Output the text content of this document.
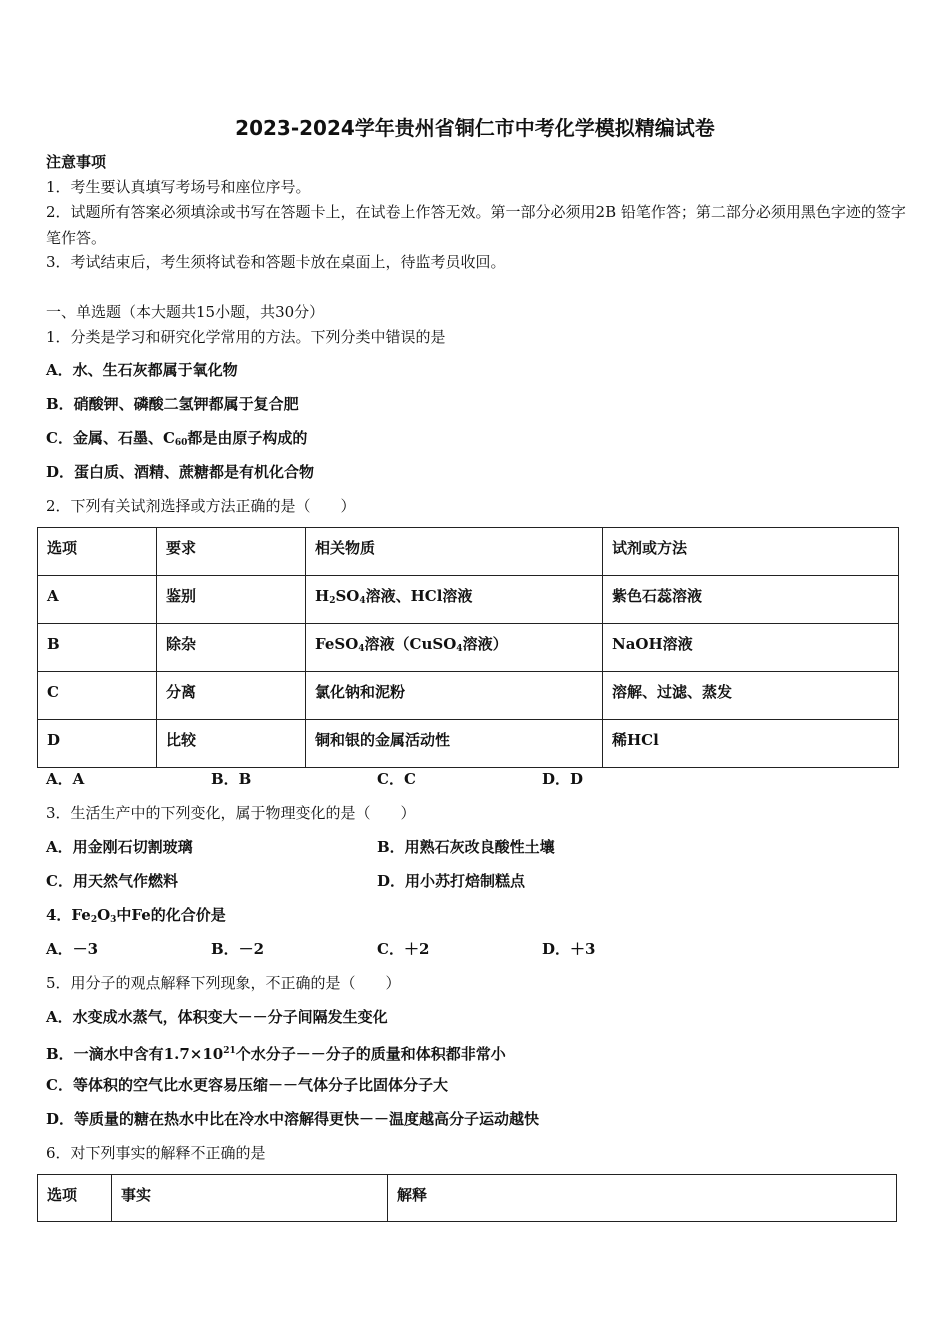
2023-2024学年贵州省铜仁市中考化学模拟精编试卷
注意事项
1．考生要认真填写考场号和座位序号。
2．试题所有答案必须填涂或书写在答题卡上，在试卷上作答无效。第一部分必须用2B 铅笔作答；第二部分必须用黑色字迹的签字笔作答。
3．考试结束后，考生须将试卷和答题卡放在桌面上，待监考员收回。
一、单选题（本大题共15小题，共30分）
1．分类是学习和研究化学常用的方法。下列分类中错误的是
A．水、生石灰都属于氧化物
B．硝酸钾、磷酸二氢钾都属于复合肥
C．金属、石墨、$C_{60}$都是由原子构成的
D．蛋白质、酒精、蔗糖都是有机化合物
2．下列有关试剂选择或方法正确的是（　　）
选项	要求	相关物质	试剂或方法
A	鉴别	$H_2SO_4$溶液、HCl溶液	紫色石蕊溶液
B	除杂	FeSO$_4$溶液（CuSO$_4$溶液）	NaOH溶液
C	分离	氯化钠和泥粉	溶解、过滤、蒸发
D	比较	铜和银的金属活动性	稀HCl
A．A	B．B	C．C	D．D
3．生活生产中的下列变化，属于物理变化的是（　　）
A．用金刚石切割玻璃	B．用熟石灰改良酸性土壤
C．用天然气作燃料	D．用小苏打焙制糕点
4．$Fe_2O_3$中Fe的化合价是
A．－3	B．－2	C．＋2	D．＋3
5．用分子的观点解释下列现象，不正确的是（　　）
A．水变成水蒸气，体积变大－－分子间隔发生变化
B．一滴水中含有$1.7\times 10^{21}$个水分子－－分子的质量和体积都非常小
C．等体积的空气比水更容易压缩－－气体分子比固体分子大
D．等质量的糖在热水中比在冷水中溶解得更快－－温度越高分子运动越快
6．对下列事实的解释不正确的是
选项	事实	解释
